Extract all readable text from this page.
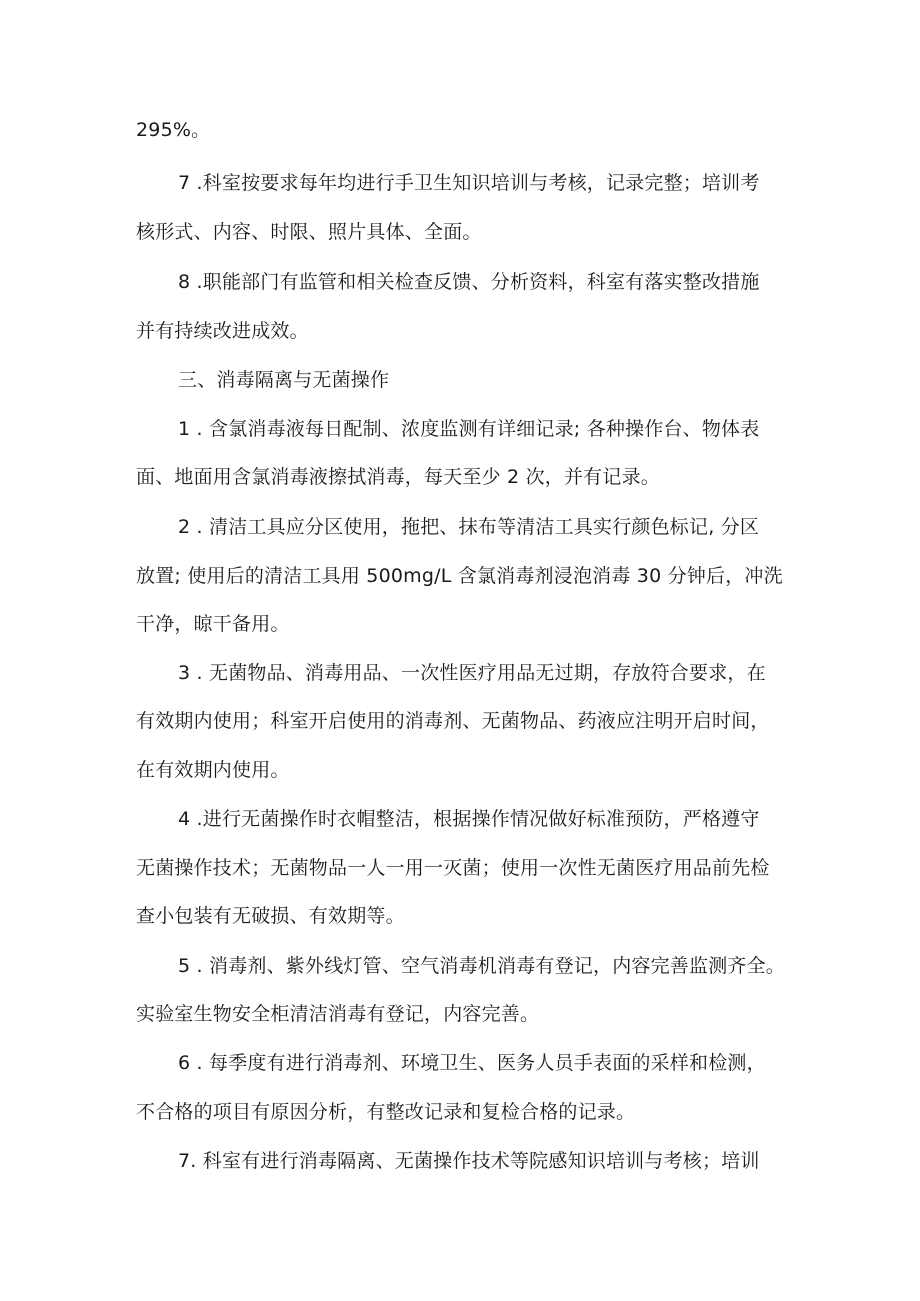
295%。
7 .科室按要求每年均进行手卫生知识培训与考核，记录完整；培训考
核形式、内容、时限、照片具体、全面。
8 .职能部门有监管和相关检查反馈、分析资料，科室有落实整改措施
并有持续改进成效。
三、消毒隔离与无菌操作
1 . 含氯消毒液每日配制、浓度监测有详细记录; 各种操作台、物体表
面、地面用含氯消毒液擦拭消毒，每天至少 2 次，并有记录。
2 . 清洁工具应分区使用，拖把、抹布等清洁工具实行颜色标记, 分区
放置; 使用后的清洁工具用 500mg/L 含氯消毒剂浸泡消毒 30 分钟后，冲洗
干净，晾干备用。
3 . 无菌物品、消毒用品、一次性医疗用品无过期，存放符合要求，在
有效期内使用；科室开启使用的消毒剂、无菌物品、药液应注明开启时间，
在有效期内使用。
4 .进行无菌操作时衣帽整洁，根据操作情况做好标准预防，严格遵守
无菌操作技术；无菌物品一人一用一灭菌；使用一次性无菌医疗用品前先检
查小包装有无破损、有效期等。
5 . 消毒剂、紫外线灯管、空气消毒机消毒有登记，内容完善监测齐全。
实验室生物安全柜清洁消毒有登记，内容完善。
6 . 每季度有进行消毒剂、环境卫生、医务人员手表面的采样和检测，
不合格的项目有原因分析，有整改记录和复检合格的记录。
7. 科室有进行消毒隔离、无菌操作技术等院感知识培训与考核；培训
